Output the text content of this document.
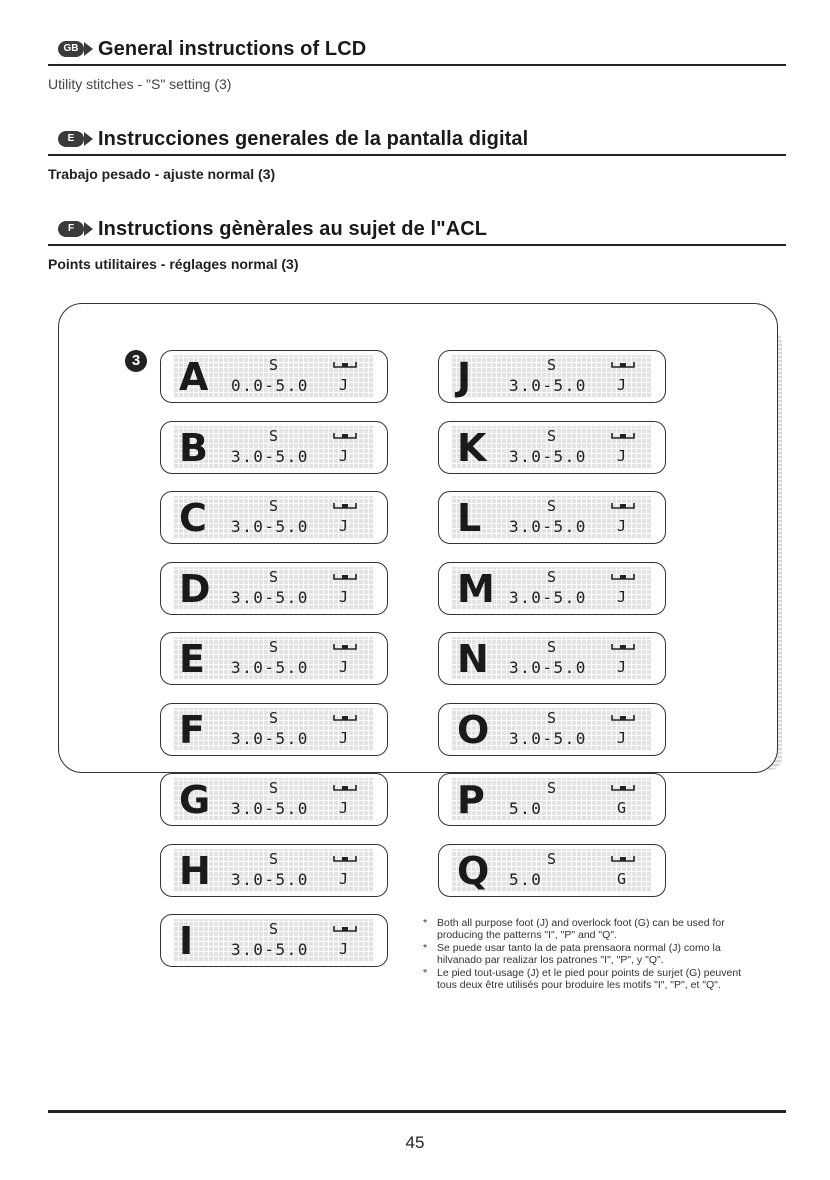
GB General instructions of LCD
Utility stitches - "S" setting (3)
E	Instrucciones generales de la pantalla digital
Trabajo pesado - ajuste normal (3)
F	Instructions gènèrales au sujet de l"ACL
Points utilitaires - réglages normal (3)
3 A	S
0.0-5.0 J
B	S
3.0-5.0 J
C	S
3.0-5.0 J
D	S
3.0-5.0 J
E	S
3.0-5.0 J
F	S
3.0-5.0 J
G	S
3.0-5.0 J
H	S
3.0-5.0 J
I	S
3.0-5.0 J
J	S
3.0-5.0 J
K	S
3.0-5.0 J
L	S
3.0-5.0 J
M	S
3.0-5.0 J
N	S
3.0-5.0 J
O	S
3.0-5.0 J
P	S
5.0	G
Q	S
5.0	G
* Both all purpose foot (J) and overlock foot (G) can be used for producing the patterns "I", "P" and "Q".
* Se puede usar tanto la de pata prensaora normal (J) como la hilvanado par realizar los patrones "I", "P", y "Q".
* Le pied tout-usage (J) et le pied pour points de surjet (G) peuvent tous deux être utilisés pour broduire les motifs "I", "P", et "Q".
45
